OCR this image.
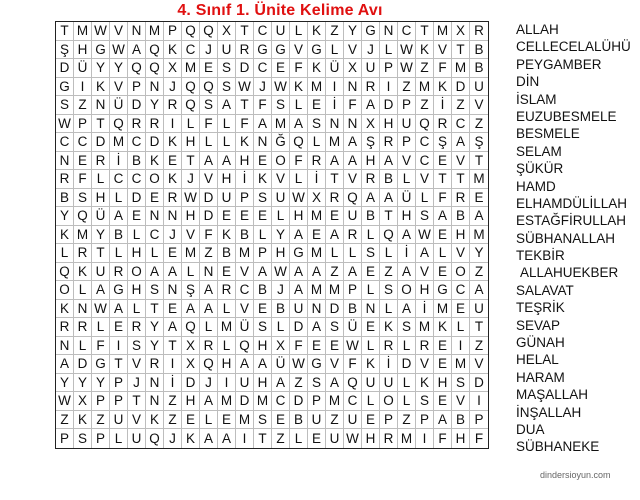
4. Sınıf 1. Ünite Kelime Avı
T M W V N M P Q Q X T C U L K Z Y G N C T M X R
Ş H G W A Q K C J U R G G V G L V J L W K V T B
D Ü Y Y Q Q X M E S D C E F K Ü X U P W Z F M B
G I K V P N J Q Q S W J W K M I N R I Z M K D U
S Z N Ü D Y R Q S A T F S L E İ F A D P Z İ Z V
W P T Q R R I L F L F A M A S N N X H U Q R C Z
C C D M C D K H L L K N Ğ Q L M A Ş R P C Ş A Ş
N E R İ B K E T A A H E O F R A A H A V C E V T
R F L C C O K J V H İ K V L İ T V R B L V T T M
B S H L D E R W D U P S U W X R Q A A Ü L F R E
Y Q Ü A E N N H D E E E L H M E U B T H S A B A
K M Y B L C J V F K B L Y A E A R L Q A W E H M
L R T L H L E M Z B M P H G M L L S L İ A L V Y
Q K U R O A A L N E V A W A A Z A E Z A V E O Z
O L A G H S N Ş A R C B J A M M P L S O H G C A
K N W A L T E A A L V E B U N D B N L A İ M E U
R R L E R Y A Q L M Ü S L D A S Ü E K S M K L T
N L F I S Y T X R L Q H X F E E W L R L R E I Z
A D G T V R I X Q H A A Ü W G V F K İ D V E M V
Y Y Y P J N İ D J I U H A Z S A Q U U L K H S D
W X P P T N Z H A M D M C D P M C L O L S E V I
Z K Z U V K Z E L E M S E B U Z U E P Z P A B P
P S P L U Q J K A A I T Z L E U W H R M I F H F
ALLAH
CELLECELALÜHÜ
PEYGAMBER
DİN
İSLAM
EUZUBESMELE
BESMELE
SELAM
ŞÜKÜR
HAMD
ELHAMDÜLİLLAH
ESTAĞFİRULLAH
SÜBHANALLAH
TEKBİR
ALLAHUEKBER
SALAVAT
TEŞRİK
SEVAP
GÜNAH
HELAL
HARAM
MAŞALLAH
İNŞALLAH
DUA
SÜBHANEKE
dindersioyun.com
